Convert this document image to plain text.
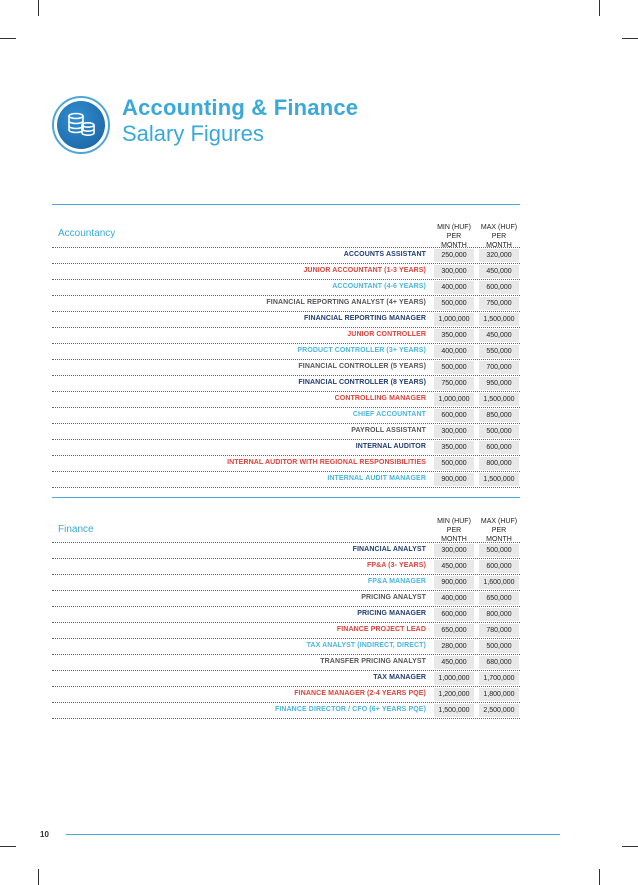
Accounting & Finance
Salary Figures
Accountancy
MIN (HUF)
PER
MONTH
MAX (HUF)
PER
MONTH
ACCOUNTS ASSISTANT	250,000	320,000
JUNIOR ACCOUNTANT (1-3 YEARS)	300,000	450,000
ACCOUNTANT (4-6 YEARS)	400,000	600,000
FINANCIAL REPORTING ANALYST (4+ YEARS)	500,000	750,000
FINANCIAL REPORTING MANAGER	1,000,000	1,500,000
JUNIOR CONTROLLER	350,000	450,000
PRODUCT CONTROLLER (3+ YEARS)	400,000	550,000
FINANCIAL CONTROLLER (5 YEARS)	500,000	700,000
FINANCIAL CONTROLLER (8 YEARS)	750,000	950,000
CONTROLLING MANAGER	1,000,000	1,500,000
CHIEF ACCOUNTANT	600,000	850,000
PAYROLL ASSISTANT	300,000	500,000
INTERNAL AUDITOR	350,000	600,000
INTERNAL AUDITOR WITH REGIONAL RESPONSIBILITIES	500,000	800,000
INTERNAL AUDIT MANAGER	900,000	1,500,000
Finance
MIN (HUF)
PER
MONTH
MAX (HUF)
PER
MONTH
FINANCIAL ANALYST	300,000	500,000
FP&A (3- YEARS)	450,000	600,000
FP&A MANAGER	900,000	1,600,000
PRICING ANALYST	400,000	650,000
PRICING MANAGER	600,000	800,000
FINANCE PROJECT LEAD	650,000	780,000
TAX ANALYST (INDIRECT, DIRECT)	280,000	500,000
TRANSFER PRICING ANALYST	450,000	680,000
TAX MANAGER	1,000,000	1,700,000
FINANCE MANAGER (2-4 YEARS PQE)	1,200,000	1,800,000
FINANCE DIRECTOR / CFO (6+ YEARS PQE)	1,500,000	2,500,000
10
